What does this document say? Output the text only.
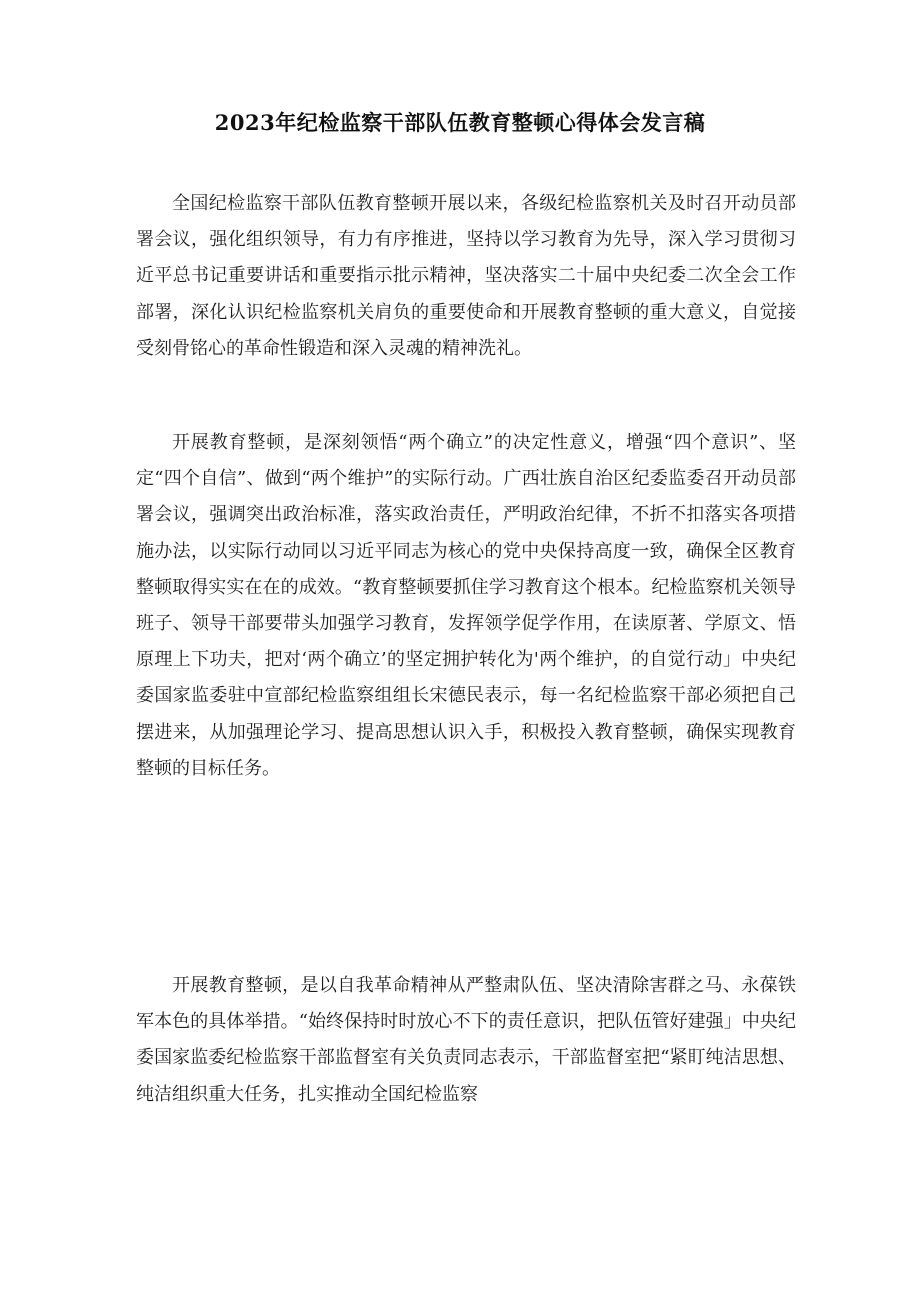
2023年纪检监察干部队伍教育整顿心得体会发言稿

全国纪检监察干部队伍教育整顿开展以来，各级纪检监察机关及时召开动员部署会议，强化组织领导，有力有序推进，坚持以学习教育为先导，深入学习贯彻习近平总书记重要讲话和重要指示批示精神，坚决落实二十届中央纪委二次全会工作部署，深化认识纪检监察机关肩负的重要使命和开展教育整顿的重大意义，自觉接受刻骨铭心的革命性锻造和深入灵魂的精神洗礼。

开展教育整顿，是深刻领悟“两个确立”的决定性意义，增强“四个意识”、坚定“四个自信”、做到“两个维护”的实际行动。广西壮族自治区纪委监委召开动员部署会议，强调突出政治标准，落实政治责任，严明政治纪律，不折不扣落实各项措施办法，以实际行动同以习近平同志为核心的党中央保持高度一致，确保全区教育整顿取得实实在在的成效。“教育整顿要抓住学习教育这个根本。纪检监察机关领导班子、领导干部要带头加强学习教育，发挥领学促学作用，在读原著、学原文、悟原理上下功夫，把对‘两个确立’的坚定拥护转化为'两个维护，的自觉行动」中央纪委国家监委驻中宣部纪检监察组组长宋德民表示，每一名纪检监察干部必须把自己摆进来，从加强理论学习、提高思想认识入手，积极投入教育整顿，确保实现教育整顿的目标任务。

开展教育整顿，是以自我革命精神从严整肃队伍、坚决清除害群之马、永葆铁军本色的具体举措。“始终保持时时放心不下的责任意识，把队伍管好建强」中央纪委国家监委纪检监察干部监督室有关负责同志表示，干部监督室把“紧盯纯洁思想、纯洁组织重大任务，扎实推动全国纪检监察
